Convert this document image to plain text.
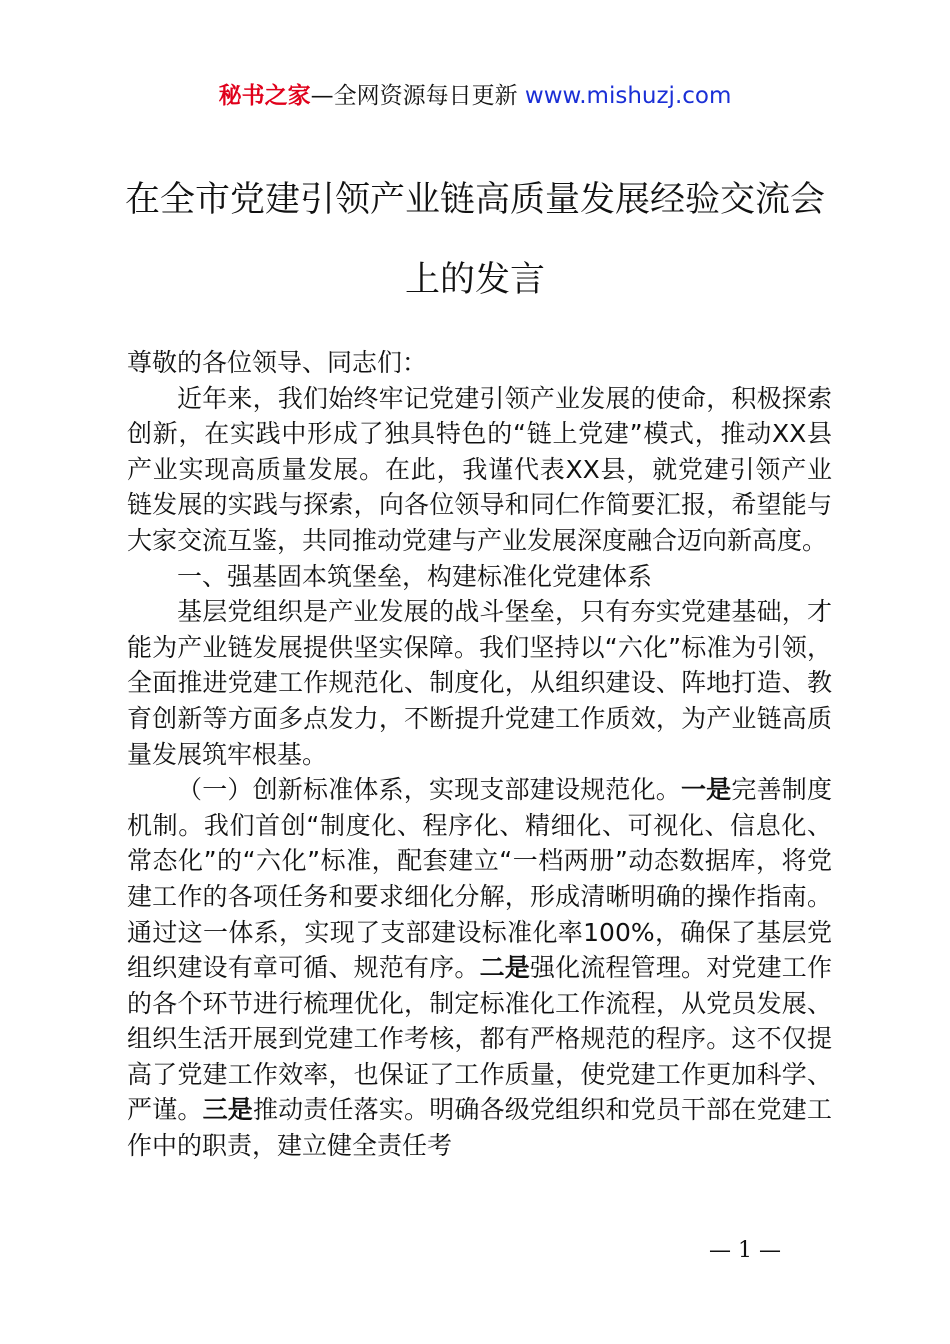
秘书之家—全网资源每日更新 www.mishuzj.com
在全市党建引领产业链高质量发展经验交流会上的发言

尊敬的各位领导、同志们：

近年来，我们始终牢记党建引领产业发展的使命，积极探索创新，在实践中形成了独具特色的“链上党建”模式，推动XX县产业实现高质量发展。在此，我谨代表XX县，就党建引领产业链发展的实践与探索，向各位领导和同仁作简要汇报，希望能与大家交流互鉴，共同推动党建与产业发展深度融合迈向新高度。

一、强基固本筑堡垒，构建标准化党建体系

基层党组织是产业发展的战斗堡垒，只有夯实党建基础，才能为产业链发展提供坚实保障。我们坚持以“六化”标准为引领，全面推进党建工作规范化、制度化，从组织建设、阵地打造、教育创新等方面多点发力，不断提升党建工作质效，为产业链高质量发展筑牢根基。

（一）创新标准体系，实现支部建设规范化。一是完善制度机制。我们首创“制度化、程序化、精细化、可视化、信息化、常态化”的“六化”标准，配套建立“一档两册”动态数据库，将党建工作的各项任务和要求细化分解，形成清晰明确的操作指南。通过这一体系，实现了支部建设标准化率100%，确保了基层党组织建设有章可循、规范有序。二是强化流程管理。对党建工作的各个环节进行梳理优化，制定标准化工作流程，从党员发展、组织生活开展到党建工作考核，都有严格规范的程序。这不仅提高了党建工作效率，也保证了工作质量，使党建工作更加科学、严谨。三是推动责任落实。明确各级党组织和党员干部在党建工作中的职责，建立健全责任考

— 1 —
